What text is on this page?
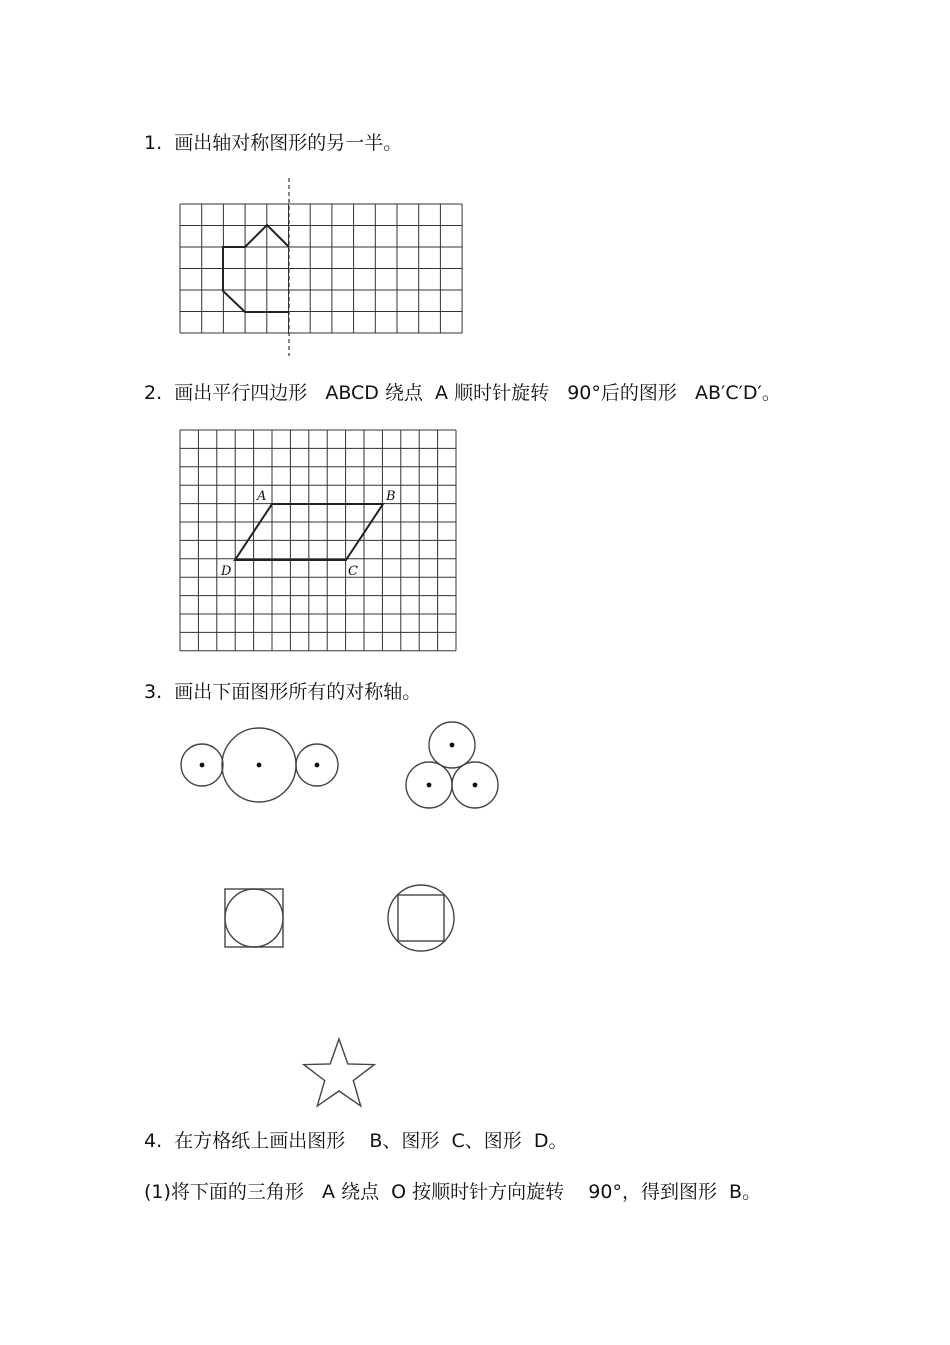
1.  画出轴对称图形的另一半。

2.  画出平行四边形   ABCD 绕点  A 顺时针旋转   90°后的图形   AB′C′D′。

3.  画出下面图形所有的对称轴。

4.  在方格纸上画出图形    B、图形  C、图形  D。

(1)将下面的三角形   A 绕点  O 按顺时针方向旋转    90°，得到图形  B。

A	B
C
D
